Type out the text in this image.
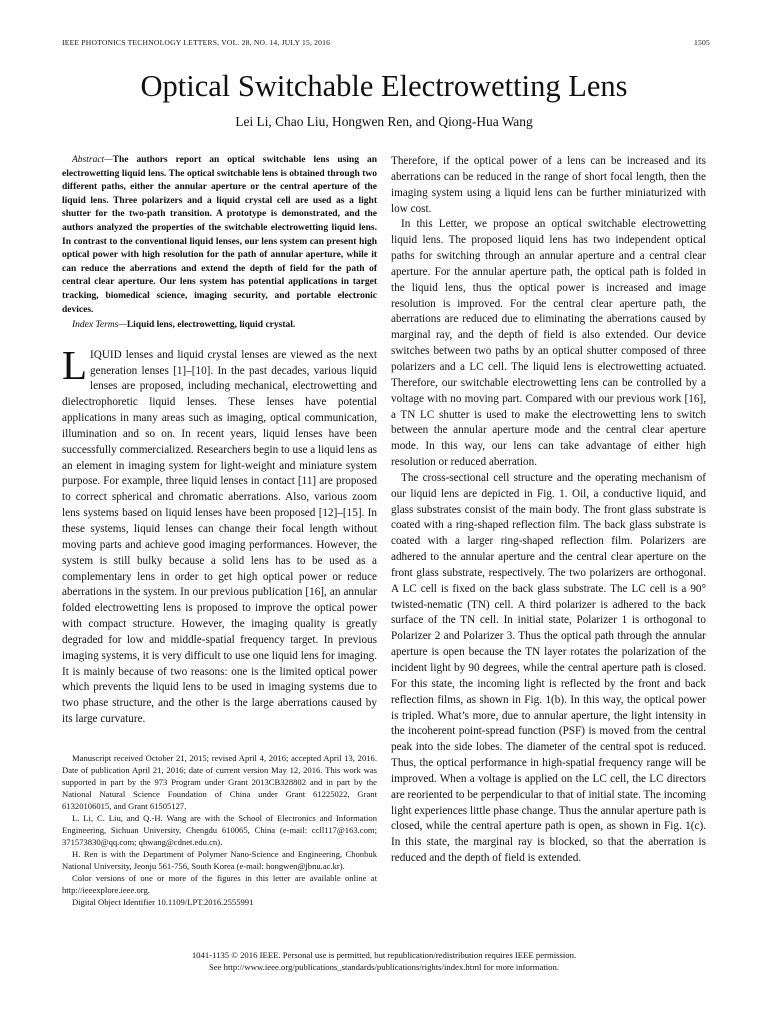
IEEE PHOTONICS TECHNOLOGY LETTERS, VOL. 28, NO. 14, JULY 15, 2016	1505
Optical Switchable Electrowetting Lens
Lei Li, Chao Liu, Hongwen Ren, and Qiong-Hua Wang

Abstract—The authors report an optical switchable lens using an electrowetting liquid lens. The optical switchable lens is obtained through two different paths, either the annular aperture or the central aperture of the liquid lens. Three polarizers and a liquid crystal cell are used as a light shutter for the two-path transition. A prototype is demonstrated, and the authors analyzed the properties of the switchable electrowetting liquid lens. In contrast to the conventional liquid lenses, our lens system can present high optical power with high resolution for the path of annular aperture, while it can reduce the aberrations and extend the depth of field for the path of central clear aperture. Our lens system has potential applications in target tracking, biomedical science, imaging security, and portable electronic devices.

Index Terms—Liquid lens, electrowetting, liquid crystal.

LIQUID lenses and liquid crystal lenses are viewed as the next generation lenses [1]–[10]. In the past decades, various liquid lenses are proposed, including mechanical, electrowetting and dielectrophoretic liquid lenses. These lenses have potential applications in many areas such as imaging, optical communication, illumination and so on. In recent years, liquid lenses have been successfully commercialized. Researchers begin to use a liquid lens as an element in imaging system for light-weight and miniature system purpose. For example, three liquid lenses in contact [11] are proposed to correct spherical and chromatic aberrations. Also, various zoom lens systems based on liquid lenses have been proposed [12]–[15]. In these systems, liquid lenses can change their focal length without moving parts and achieve good imaging performances. However, the system is still bulky because a solid lens has to be used as a complementary lens in order to get high optical power or reduce aberrations in the system. In our previous publication [16], an annular folded electrowetting lens is proposed to improve the optical power with compact structure. However, the imaging quality is greatly degraded for low and middle-spatial frequency target. In previous imaging systems, it is very difficult to use one liquid lens for imaging. It is mainly because of two reasons: one is the limited optical power which prevents the liquid lens to be used in imaging systems due to two phase structure, and the other is the large aberrations caused by its large curvature.

Manuscript received October 21, 2015; revised April 4, 2016; accepted April 13, 2016. Date of publication April 21, 2016; date of current version May 12, 2016. This work was supported in part by the 973 Program under Grant 2013CB328802 and in part by the National Natural Science Foundation of China under Grant 61225022, Grant 61320106015, and Grant 61505127.

L. Li, C. Liu, and Q.-H. Wang are with the School of Electronics and Information Engineering, Sichuan University, Chengdu 610065, China (e-mail: ccll117@163.com; 371573830@qq.com; qhwang@cdnet.edu.cn).

H. Ren is with the Department of Polymer Nano-Science and Engineering, Chonbuk National University, Jeonju 561-756, South Korea (e-mail: hongwen@jbnu.ac.kr).

Color versions of one or more of the figures in this letter are available online at http://ieeexplore.ieee.org.

Digital Object Identifier 10.1109/LPT.2016.2555991

Therefore, if the optical power of a lens can be increased and its aberrations can be reduced in the range of short focal length, then the imaging system using a liquid lens can be further miniaturized with low cost.

In this Letter, we propose an optical switchable electrowetting liquid lens. The proposed liquid lens has two independent optical paths for switching through an annular aperture and a central clear aperture. For the annular aperture path, the optical path is folded in the liquid lens, thus the optical power is increased and image resolution is improved. For the central clear aperture path, the aberrations are reduced due to eliminating the aberrations caused by marginal ray, and the depth of field is also extended. Our device switches between two paths by an optical shutter composed of three polarizers and a LC cell. The liquid lens is electrowetting actuated. Therefore, our switchable electrowetting lens can be controlled by a voltage with no moving part. Compared with our previous work [16], a TN LC shutter is used to make the electrowetting lens to switch between the annular aperture mode and the central clear aperture mode. In this way, our lens can take advantage of either high resolution or reduced aberration.

The cross-sectional cell structure and the operating mechanism of our liquid lens are depicted in Fig. 1. Oil, a conductive liquid, and glass substrates consist of the main body. The front glass substrate is coated with a ring-shaped reflection film. The back glass substrate is coated with a larger ring-shaped reflection film. Polarizers are adhered to the annular aperture and the central clear aperture on the front glass substrate, respectively. The two polarizers are orthogonal. A LC cell is fixed on the back glass substrate. The LC cell is a 90° twisted-nematic (TN) cell. A third polarizer is adhered to the back surface of the TN cell. In initial state, Polarizer 1 is orthogonal to Polarizer 2 and Polarizer 3. Thus the optical path through the annular aperture is open because the TN layer rotates the polarization of the incident light by 90 degrees, while the central aperture path is closed. For this state, the incoming light is reflected by the front and back reflection films, as shown in Fig. 1(b). In this way, the optical power is tripled. What’s more, due to annular aperture, the light intensity in the incoherent point-spread function (PSF) is moved from the central peak into the side lobes. The diameter of the central spot is reduced. Thus, the optical performance in high-spatial frequency range will be improved. When a voltage is applied on the LC cell, the LC directors are reoriented to be perpendicular to that of initial state. The incoming light experiences little phase change. Thus the annular aperture path is closed, while the central aperture path is open, as shown in Fig. 1(c). In this state, the marginal ray is blocked, so that the aberration is reduced and the depth of field is extended.

1041-1135 © 2016 IEEE. Personal use is permitted, but republication/redistribution requires IEEE permission.
See http://www.ieee.org/publications_standards/publications/rights/index.html for more information.
